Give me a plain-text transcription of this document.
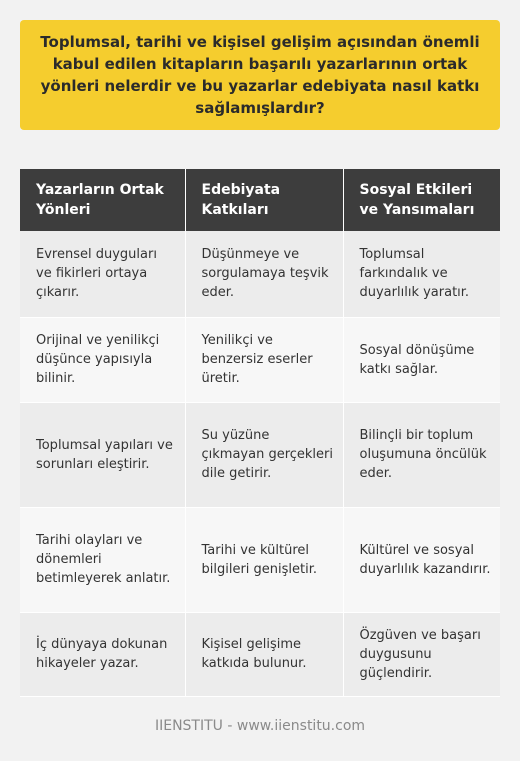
Toplumsal, tarihi ve kişisel gelişim açısından önemli kabul edilen kitapların başarılı yazarlarının ortak yönleri nelerdir ve bu yazarlar edebiyata nasıl katkı sağlamışlardır?
Yazarların Ortak Yönleri	Edebiyata Katkıları	Sosyal Etkileri ve Yansımaları
Evrensel duyguları ve fikirleri ortaya çıkarır.	Düşünmeye ve sorgulamaya teşvik eder.	Toplumsal farkındalık ve duyarlılık yaratır.
Orijinal ve yenilikçi düşünce yapısıyla bilinir.	Yenilikçi ve benzersiz eserler üretir.	Sosyal dönüşüme katkı sağlar.
Toplumsal yapıları ve sorunları eleştirir.	Su yüzüne çıkmayan gerçekleri dile getirir.	Bilinçli bir toplum oluşumuna öncülük eder.
Tarihi olayları ve dönemleri betimleyerek anlatır.	Tarihi ve kültürel bilgileri genişletir.	Kültürel ve sosyal duyarlılık kazandırır.
İç dünyaya dokunan hikayeler yazar.	Kişisel gelişime katkıda bulunur.	Özgüven ve başarı duygusunu güçlendirir.
IIENSTITU - www.iienstitu.com
